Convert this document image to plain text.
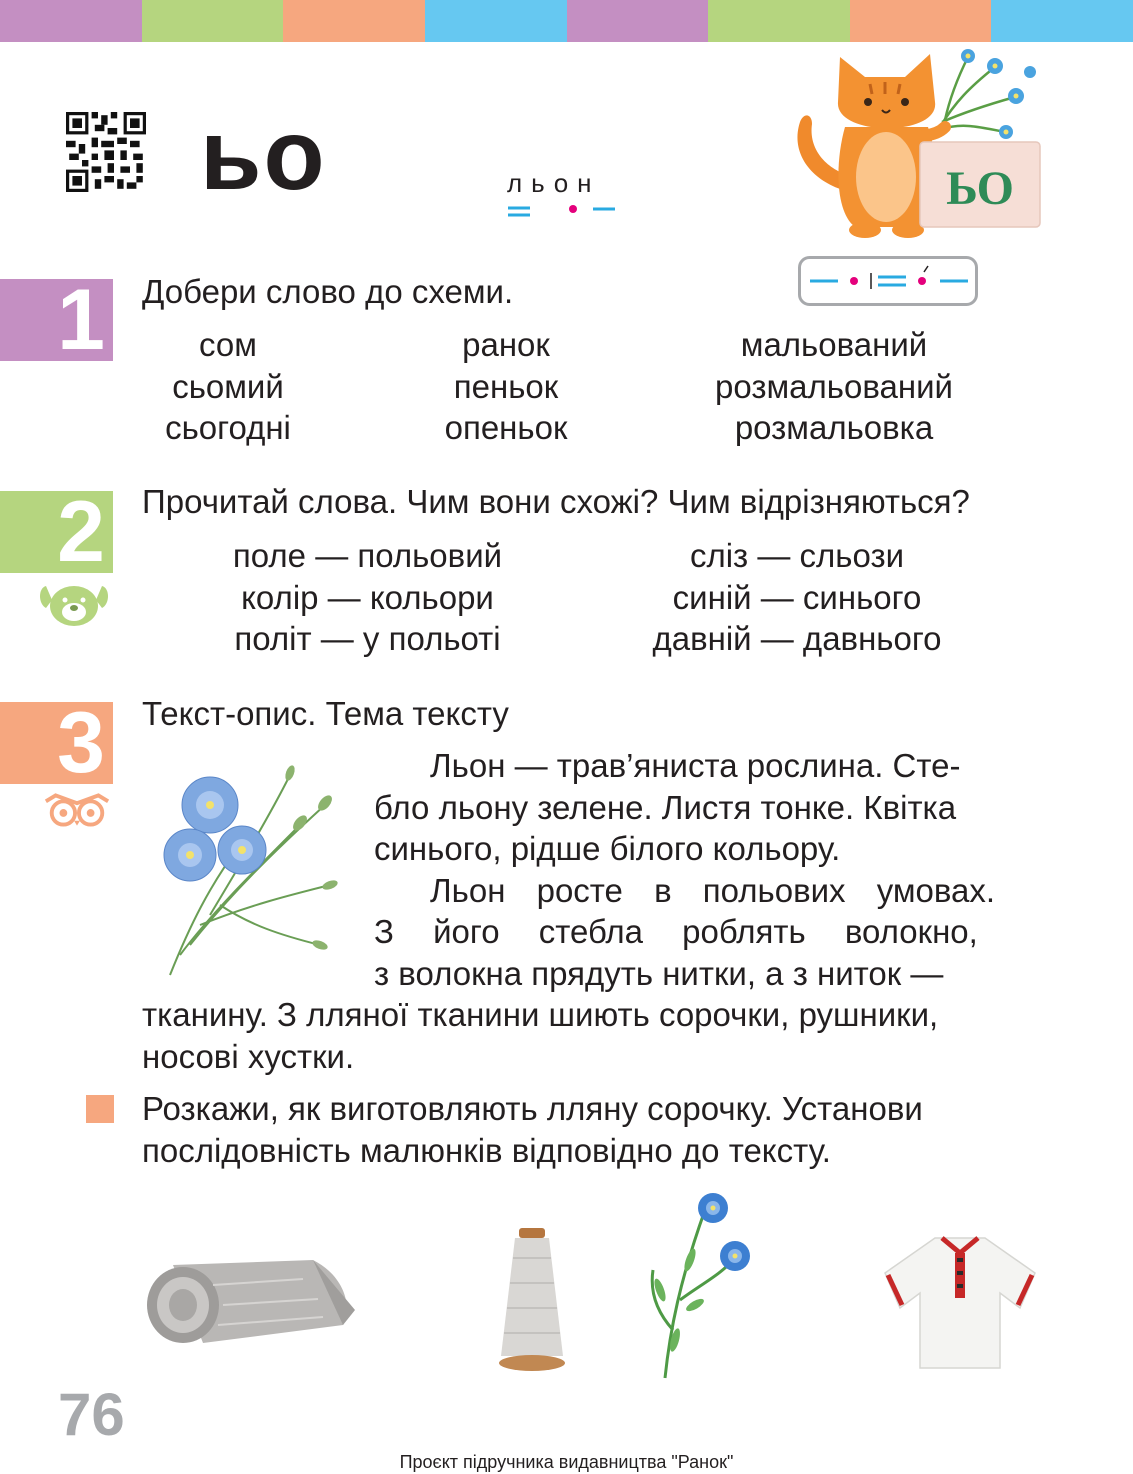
ьо	льон	ЬО
1 Добери слово до схеми.
сом
сьомий
сьогодні
ранок
пеньок
опеньок
мальований
розмальований
розмальовка
2 Прочитай слова. Чим вони схожі? Чим відрізняються?
поле — польовий
колір — кольори
політ — у польоті
сліз — сльози
синій — синього
давній — давнього
3 Текст-опис. Тема тексту
Льон — трав’яниста рослина. Сте-
бло льону зелене. Листя тонке. Квітка
синього, рідше білого кольору.
Льон росте в польових умовах.
З його стебла роблять волокно,
з волокна прядуть нитки, а з ниток —
тканину. З лляної тканини шиють сорочки, рушники,
носові хустки.
Розкажи, як виготовляють лляну сорочку. Установи послідовність малюнків відповідно до тексту.
76
Проєкт підручника видавництва "Ранок"
